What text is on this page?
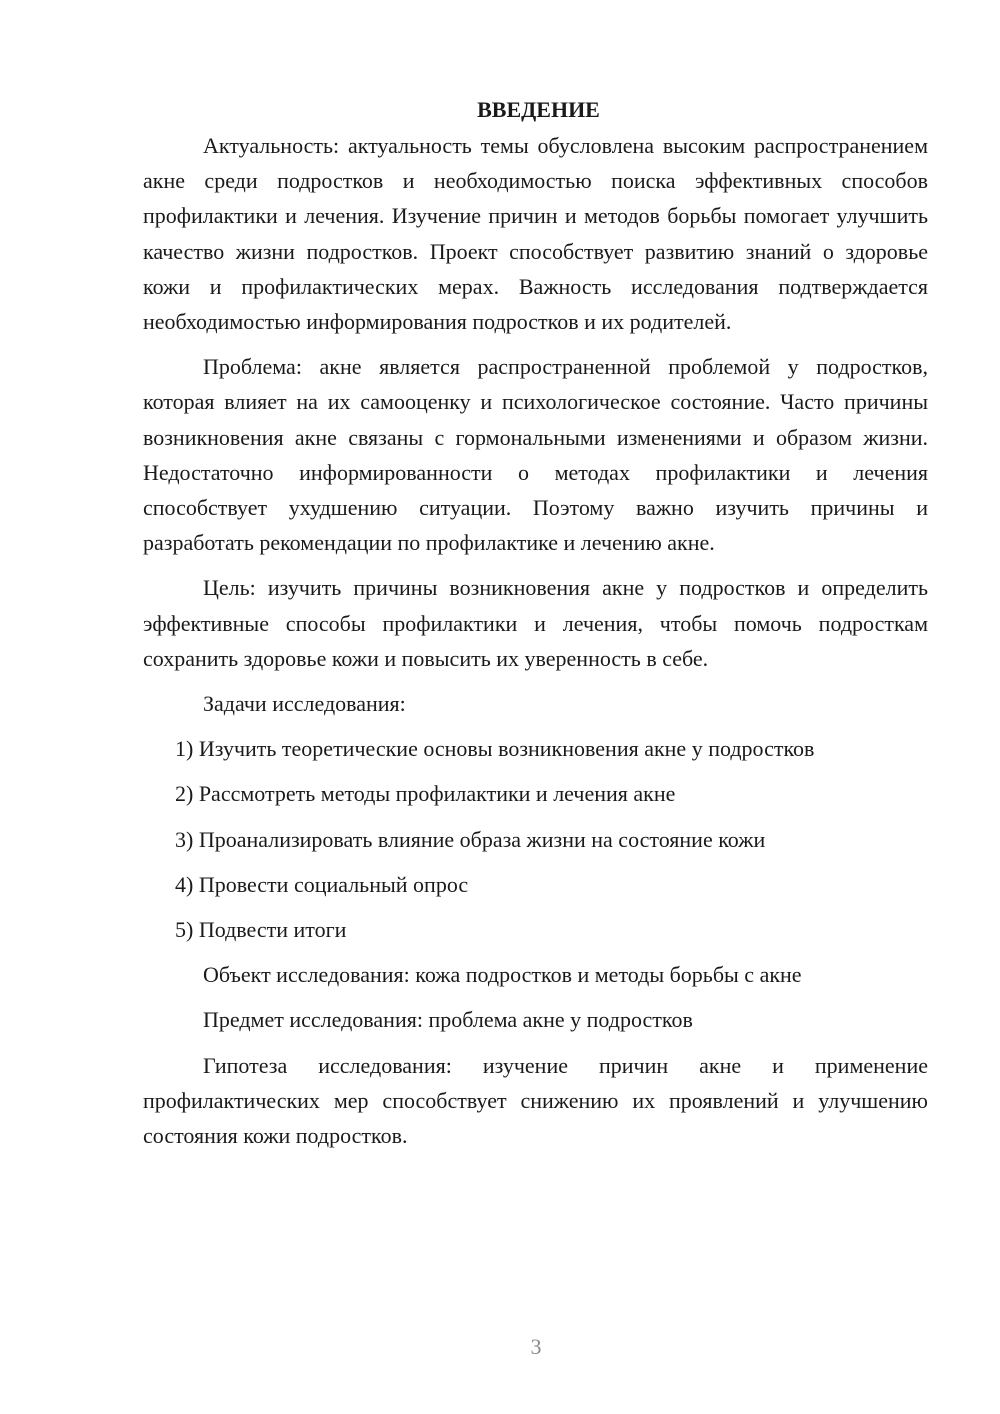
ВВЕДЕНИЕ

Актуальность: актуальность темы обусловлена высоким распространением акне среди подростков и необходимостью поиска эффективных способов профилактики и лечения. Изучение причин и методов борьбы помогает улучшить качество жизни подростков. Проект способствует развитию знаний о здоровье кожи и профилактических мерах. Важность исследования подтверждается необходимостью информирования подростков и их родителей.

Проблема: акне является распространенной проблемой у подростков, которая влияет на их самооценку и психологическое состояние. Часто причины возникновения акне связаны с гормональными изменениями и образом жизни. Недостаточно информированности о методах профилактики и лечения способствует ухудшению ситуации. Поэтому важно изучить причины и разработать рекомендации по профилактике и лечению акне.

Цель: изучить причины возникновения акне у подростков и определить эффективные способы профилактики и лечения, чтобы помочь подросткам сохранить здоровье кожи и повысить их уверенность в себе.

Задачи исследования:

1) Изучить теоретические основы возникновения акне у подростков

2) Рассмотреть методы профилактики и лечения акне

3) Проанализировать влияние образа жизни на состояние кожи

4) Провести социальный опрос

5) Подвести итоги

Объект исследования: кожа подростков и методы борьбы с акне

Предмет исследования: проблема акне у подростков

Гипотеза исследования: изучение причин акне и применение профилактических мер способствует снижению их проявлений и улучшению состояния кожи подростков.

3
